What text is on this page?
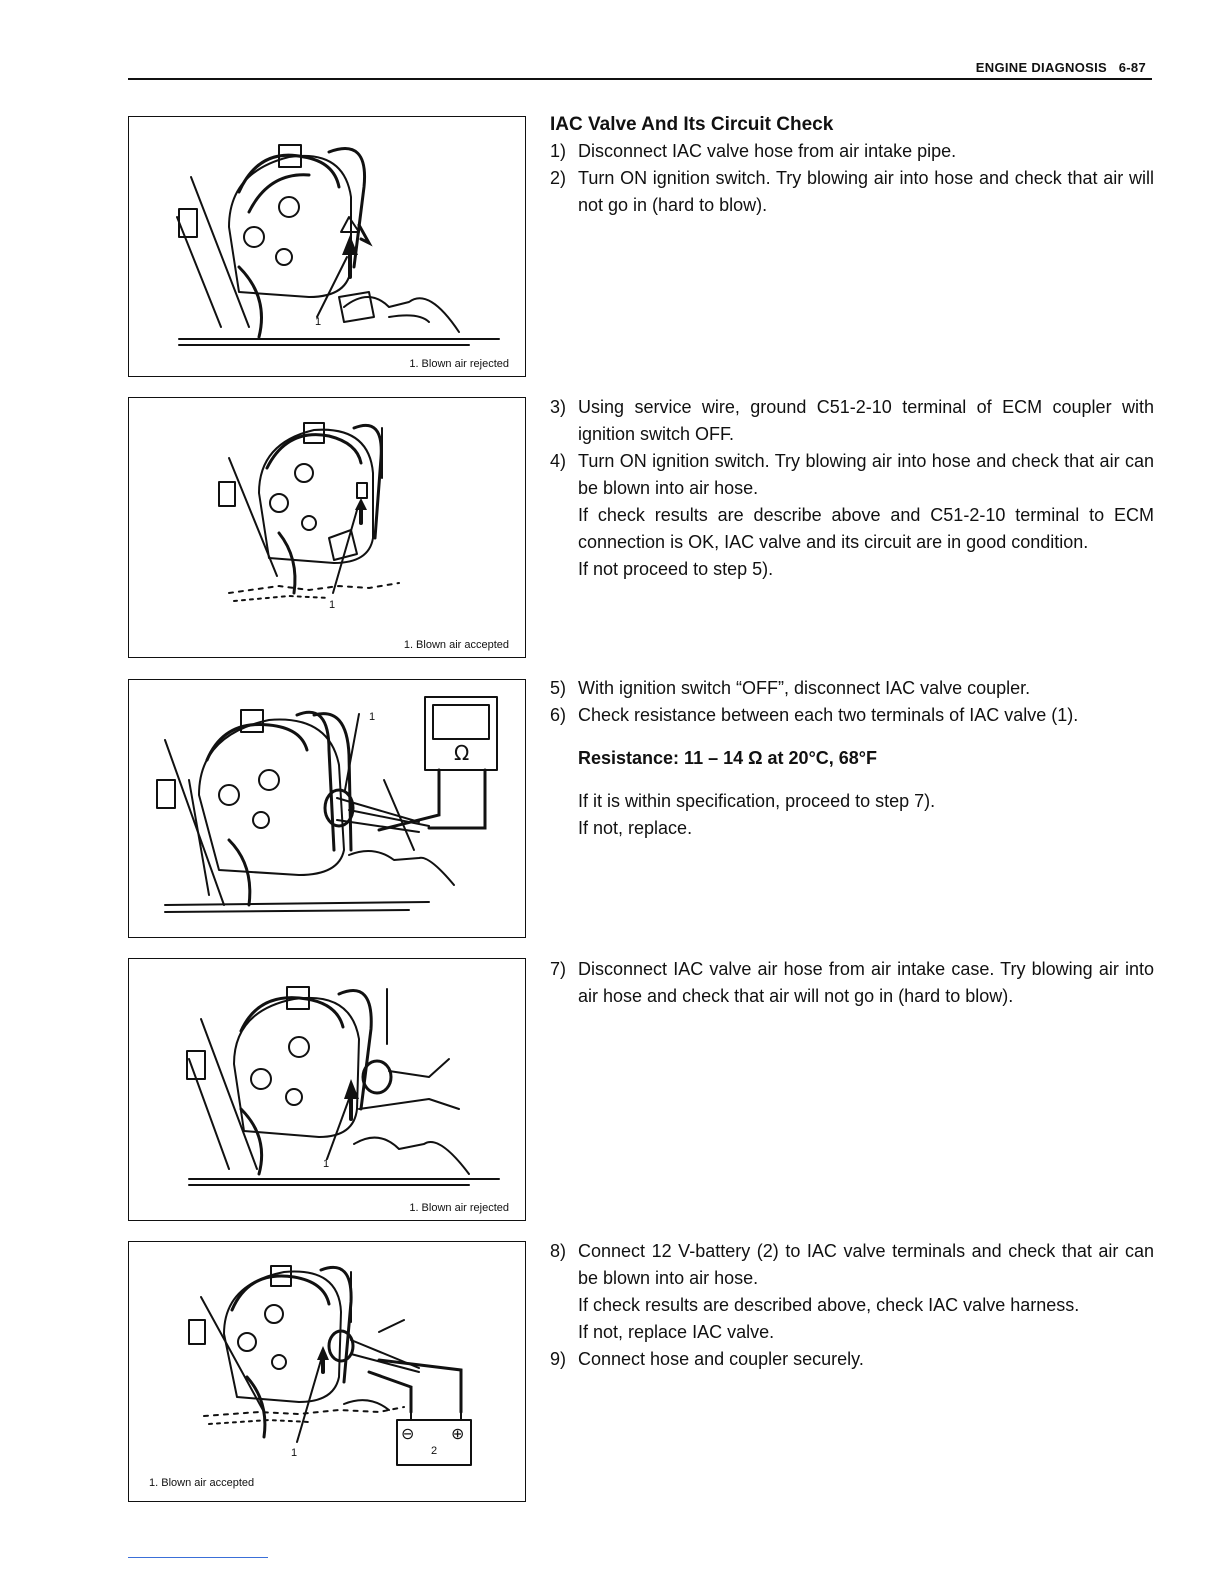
ENGINE DIAGNOSIS 6-87
1
1. Blown air rejected
1
1. Blown air accepted
1
Ω
1
1. Blown air rejected
1
⊖ ⊕
2
1. Blown air accepted
IAC Valve And Its Circuit Check
1) Disconnect IAC valve hose from air intake pipe.
2) Turn ON ignition switch. Try blowing air into hose and check that air will not go in (hard to blow).
3) Using service wire, ground C51-2-10 terminal of ECM coupler with ignition switch OFF.
4) Turn ON ignition switch. Try blowing air into hose and check that air can be blown into air hose.
If check results are describe above and C51-2-10 terminal to ECM connection is OK, IAC valve and its circuit are in good condition.
If not proceed to step 5).
5) With ignition switch “OFF”, disconnect IAC valve coupler.
6) Check resistance between each two terminals of IAC valve (1).
Resistance: 11 – 14 Ω at 20°C, 68°F
If it is within specification, proceed to step 7).
If not, replace.
7) Disconnect IAC valve air hose from air intake case. Try blowing air into air hose and check that air will not go in (hard to blow).
8) Connect 12 V-battery (2) to IAC valve terminals and check that air can be blown into air hose.
If check results are described above, check IAC valve harness.
If not, replace IAC valve.
9) Connect hose and coupler securely.
